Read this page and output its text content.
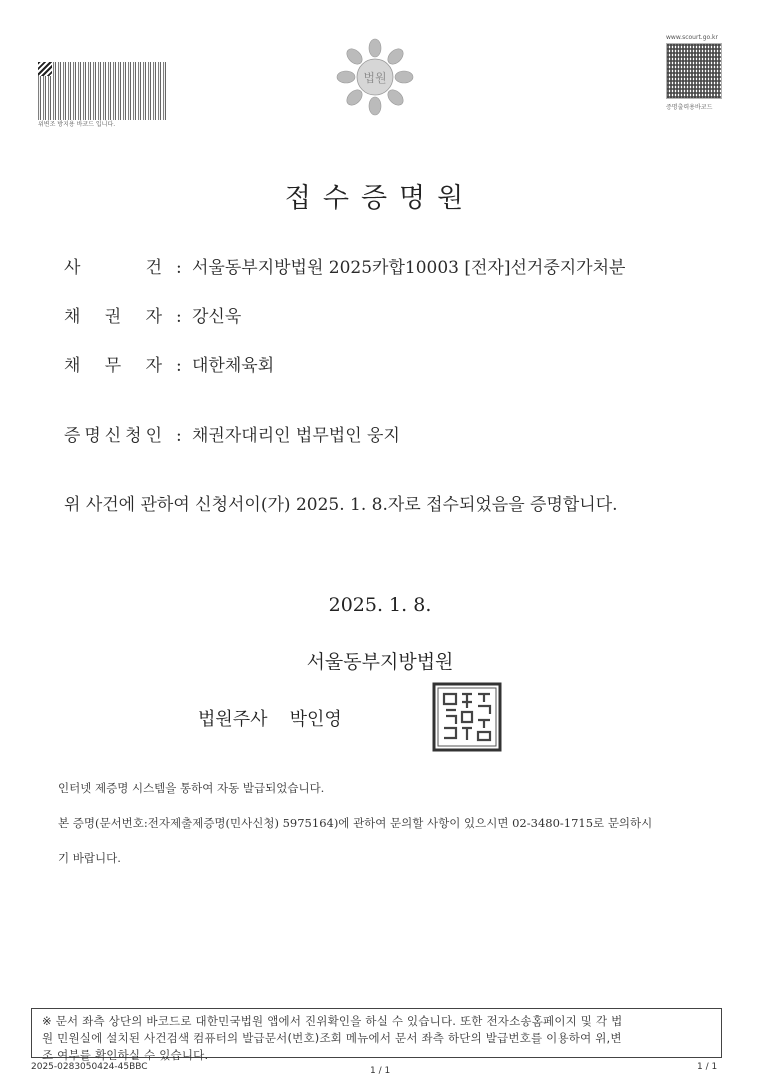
위변조 방지용 바코드 입니다.
법원
www.scourt.go.kr
증명출력용바코드
접수증명원
사	건 : 서울동부지방법원 2025카합10003 [전자]선거중지가처분
채 권 자 : 강신욱
채 무 자 : 대한체육회
증 명 신 청 인 : 채권자대리인 법무법인 웅지
위 사건에 관하여 신청서이(가) 2025. 1. 8.자로 접수되었음을 증명합니다.
2025. 1. 8.
서울동부지방법원
법원주사 박인영
인터넷 제증명 시스템을 통하여 자동 발급되었습니다.
본 증명(문서번호:전자제출제증명(민사신청) 5975164)에 관하여 문의할 사항이 있으시면 02-3480-1715로 문의하시
기 바랍니다.
※ 문서 좌측 상단의 바코드로 대한민국법원 앱에서 진위확인을 하실 수 있습니다. 또한 전자소송홈페이지 및 각 법
원 민원실에 설치된 사건검색 컴퓨터의 발급문서(번호)조회 메뉴에서 문서 좌측 하단의 발급번호를 이용하여 위,변
조 여부를 확인하실 수 있습니다.
2025-0283050424-45BBC	1 / 1	1 / 1
